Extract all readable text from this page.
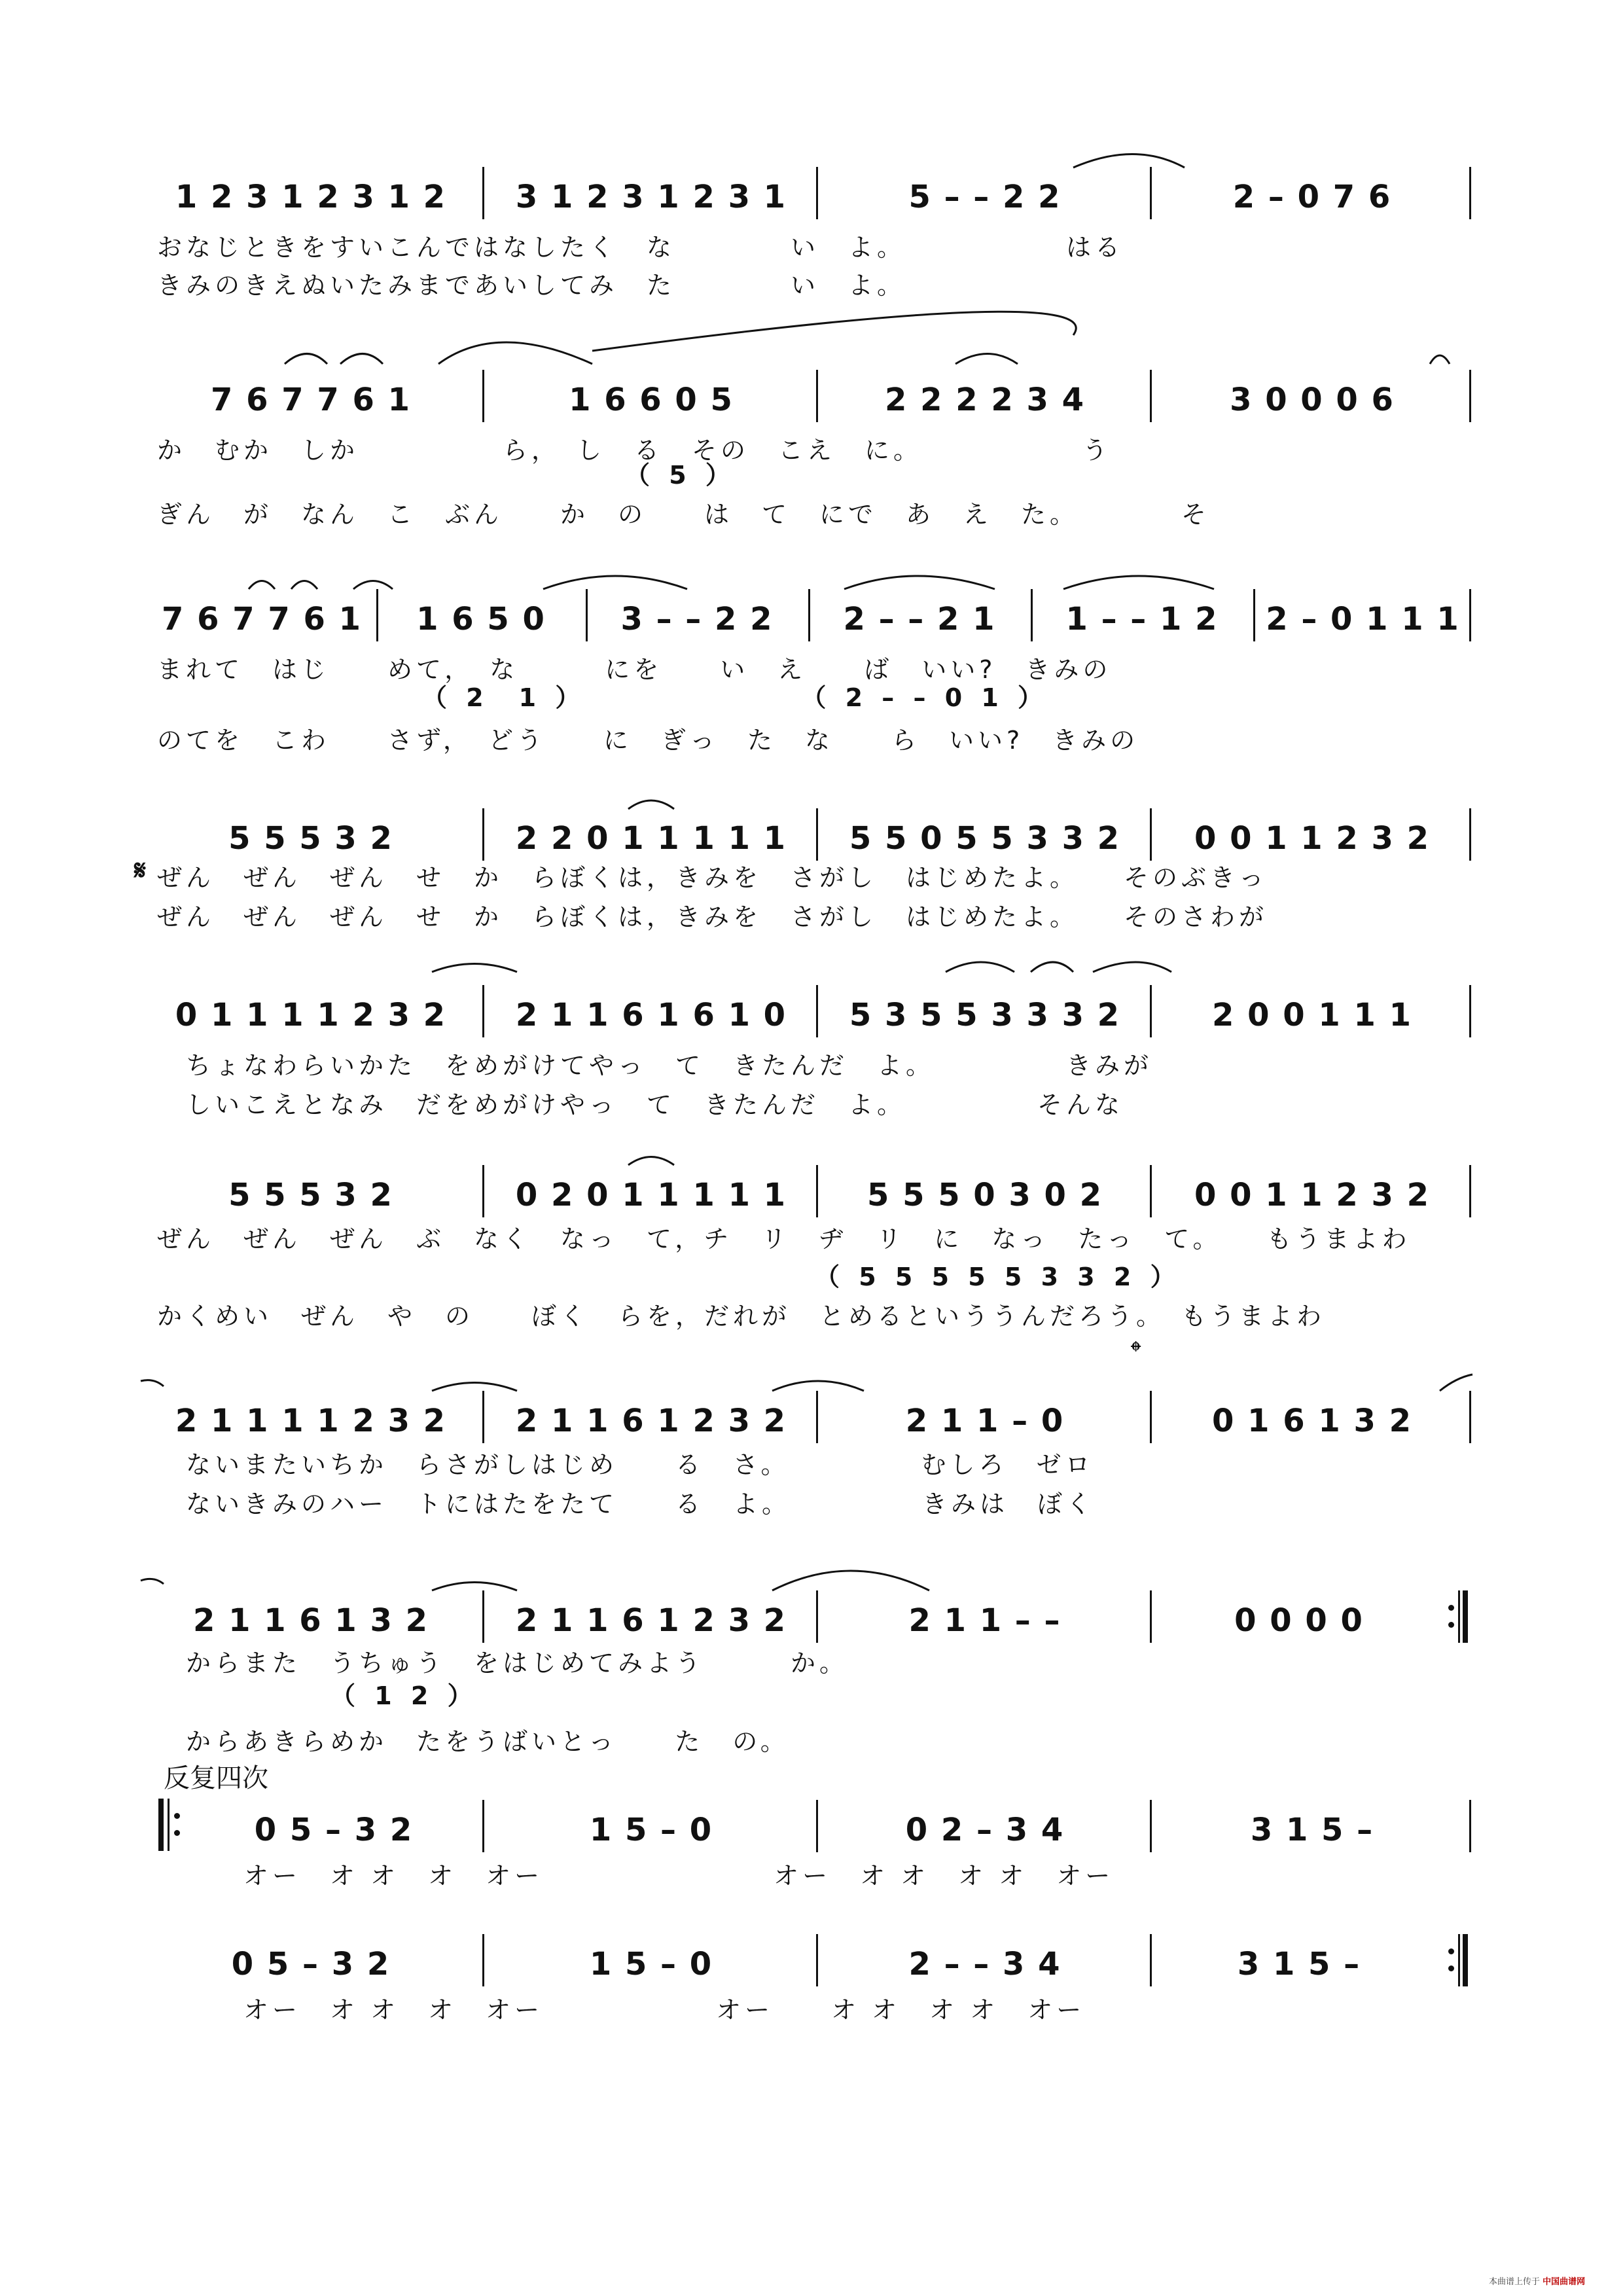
1 2 3 1 2 3 1 2	3 1 2 3 1 2 3 1	5 – – 2 2	2 – 0 7 6
おなじときをすいこんではなしたく　な　　　　い　よ。　　　　　　はる
きみのきえぬいたみまであいしてみ　た　　　　い　よ。
7 6 7 7 6 1	1 6 6 0 5	2 2 2 2 3 4	3 0 0 0 6
か　むか　しか　　　　　ら，　し　る　その　こえ　に。　　　　　　う
（ 5 ）
ぎん　が　なん　こ　ぶん　　か　の　　は　て　にで　あ　え　た。　　　　そ
7 6 7 7 6 1	1 6 5 0	3 – – 2 2	2 – – 2 1	1 – – 1 2	2 – 0 1 1 1
まれて　はじ　　めて，　な　　　にを　　い　え　　ば　いい?　きみの
（ 2　1 ）　　　　　　　　（ 2 – – 0 1 ）
のてを　こわ　　さず，　どう　　に　ぎっ　た　な　　ら　いい?　きみの
5 5 5 3 2	2 2 0 1 1 1 1 1	5 5 0 5 5 3 3 2	0 0 1 1 2 3 2
ぜん　ぜん　ぜん　せ　か　らぼくは，きみを　さがし　はじめたよ。　　そのぶきっ
ぜん　ぜん　ぜん　せ　か　らぼくは，きみを　さがし　はじめたよ。　　そのさわが
𝄋
0 1 1 1 1 2 3 2	2 1 1 6 1 6 1 0	5 3 5 5 3 3 3 2	2 0 0 1 1 1
　ちょなわらいかた　をめがけてやっ　て　きたんだ　よ。　　　　　きみが
　しいこえとなみ　だをめがけやっ　て　きたんだ　よ。　　　　　そんな
5 5 5 3 2	0 2 0 1 1 1 1 1	5 5 5 0 3 0 2	0 0 1 1 2 3 2
ぜん　ぜん　ぜん　ぶ　なく　なっ　て，チ　リ　ヂ　リ　に　なっ　たっ　て。　　もうまよわ
（ 5 5 5 5 5 3 3 2 ）
かくめい　ぜん　や　の　　ぼく　らを，だれが　とめるといううんだろう。　もうまよわ
𝄌
2 1 1 1 1 2 3 2	2 1 1 6 1 2 3 2	2 1 1 – 0	0 1 6 1 3 2
　ないまたいちか　らさがしはじめ　　る　さ。　　　　　むしろ　ゼロ
　ないきみのハー　トにはたをたて　　る　よ。　　　　　きみは　ぼく
2 1 1 6 1 3 2	2 1 1 6 1 2 3 2	2 1 1 – –	0 0 0 0
　からまた　うちゅう　をはじめてみよう　　　か。
（ 1 2 ）
　からあきらめか　たをうばいとっ　　た　の。
反复四次
0 5 – 3 2	1 5 – 0	0 2 – 3 4	3 1 5 –
　　　オー　オ オ　オ　オー　　　　　　　　オー　オ オ　オ オ　オー
0 5 – 3 2	1 5 – 0	2 – – 3 4	3 1 5 –
　　　オー　オ オ　オ　オー　　　　　　オー　　オ オ　オ オ　オー
本曲谱上传于 中国曲谱网
